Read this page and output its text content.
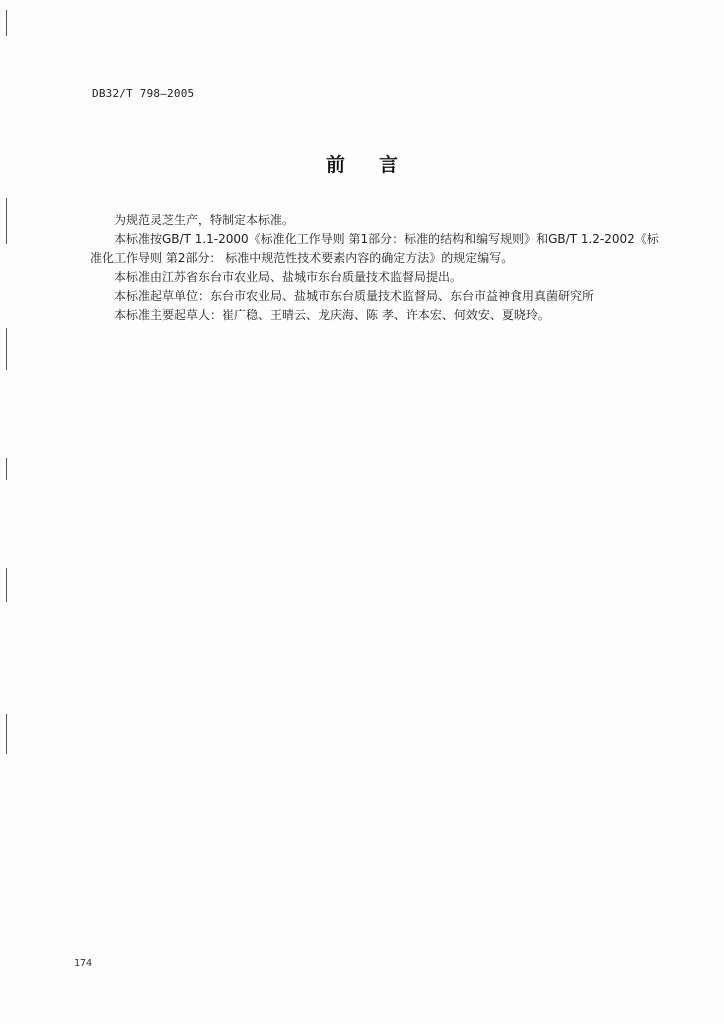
DB32/T 798—2005
前言

为规范灵芝生产，特制定本标准。

本标准按GB/T 1.1-2000《标准化工作导则 第1部分：标准的结构和编写规则》和GB/T 1.2-2002《标准化工作导则 第2部分： 标准中规范性技术要素内容的确定方法》的规定编写。

本标准由江苏省东台市农业局、盐城市东台质量技术监督局提出。

本标准起草单位：东台市农业局、盐城市东台质量技术监督局、东台市益神食用真菌研究所

本标准主要起草人：崔广稳、王晴云、龙庆海、陈 孝、许本宏、何效安、夏晓玲。

174
